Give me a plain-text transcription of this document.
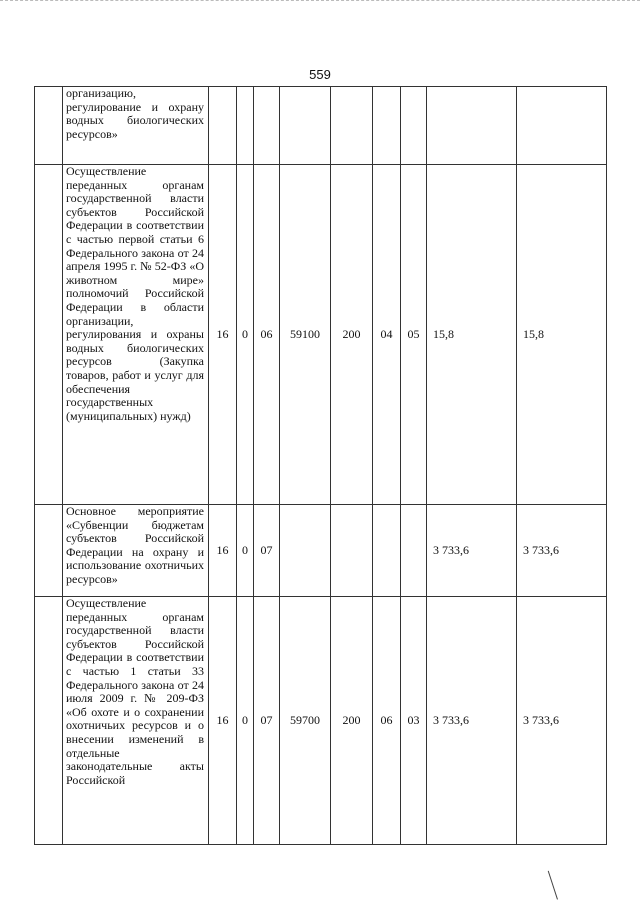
559
	организацию, регулирование и охрану водных биологических ресурсов»									
	Осуществление переданных органам государственной власти субъектов Российской Федерации в соответствии с частью первой статьи 6 Федерального закона от 24 апреля 1995 г. № 52-ФЗ «О животном мире» полномочий Российской Федерации в области организации, регулирования и охраны водных биологических ресурсов (Закупка товаров, работ и услуг для обеспечения государственных (муниципальных) нужд)	16	0	06	59100	200	04	05	15,8	15,8
	Основное мероприятие «Субвенции бюджетам субъектов Российской Федерации на охрану и использование охотничьих ресурсов»	16	0	07					3 733,6	3 733,6
	Осуществление переданных органам государственной власти субъектов Российской Федерации в соответствии с частью 1 статьи 33 Федерального закона от 24 июля 2009 г. № 209-ФЗ «Об охоте и о сохранении охотничьих ресурсов и о внесении изменений в отдельные законодательные акты Российской	16	0	07	59700	200	06	03	3 733,6	3 733,6
